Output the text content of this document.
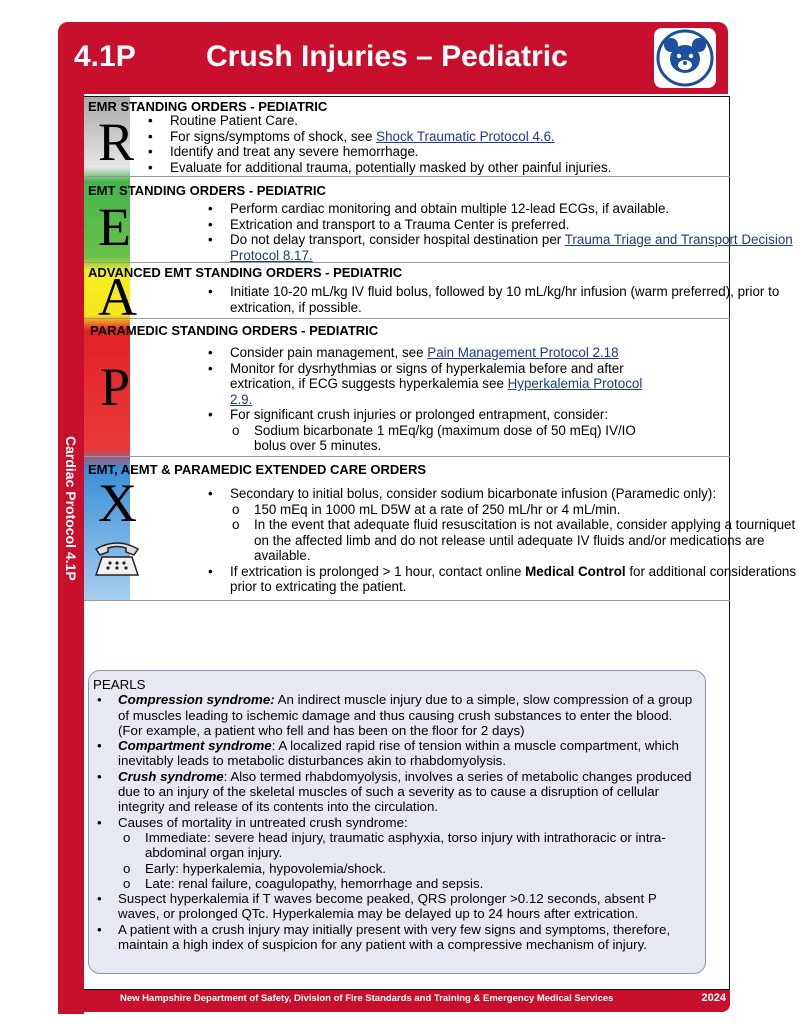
4.1P Crush Injuries – Pediatric
Cardiac Protocol 4.1P
New Hampshire Department of Safety, Division of Fire Standards and Training & Emergency Medical Services	2024
R
EMR STANDING ORDERS - PEDIATRIC
• Routine Patient Care.
• For signs/symptoms of shock, see Shock Traumatic Protocol 4.6.
• Identify and treat any severe hemorrhage.
• Evaluate for additional trauma, potentially masked by other painful injuries.
E
EMT STANDING ORDERS - PEDIATRIC
• Perform cardiac monitoring and obtain multiple 12-lead ECGs, if available.
• Extrication and transport to a Trauma Center is preferred.
• Do not delay transport, consider hospital destination per Trauma Triage and Transport Decision Protocol 8.17.
A
ADVANCED EMT STANDING ORDERS - PEDIATRIC
• Initiate 10-20 mL/kg IV fluid bolus, followed by 10 mL/kg/hr infusion (warm preferred), prior to extrication, if possible.
P
PARAMEDIC STANDING ORDERS - PEDIATRIC
• Consider pain management, see Pain Management Protocol 2.18
• Monitor for dysrhythmias or signs of hyperkalemia before and after extrication, if ECG suggests hyperkalemia see Hyperkalemia Protocol 2.9.
• For significant crush injuries or prolonged entrapment, consider:
o Sodium bicarbonate 1 mEq/kg (maximum dose of 50 mEq) IV/IO bolus over 5 minutes.
X
EMT, AEMT & PARAMEDIC EXTENDED CARE ORDERS
• Secondary to initial bolus, consider sodium bicarbonate infusion (Paramedic only):
o 150 mEq in 1000 mL D5W at a rate of 250 mL/hr or 4 mL/min.
o In the event that adequate fluid resuscitation is not available, consider applying a tourniquet on the affected limb and do not release until adequate IV fluids and/or medications are available.
• If extrication is prolonged > 1 hour, contact online Medical Control for additional considerations prior to extricating the patient.
PEARLS
• Compression syndrome: An indirect muscle injury due to a simple, slow compression of a group of muscles leading to ischemic damage and thus causing crush substances to enter the blood. (For example, a patient who fell and has been on the floor for 2 days)
• Compartment syndrome: A localized rapid rise of tension within a muscle compartment, which inevitably leads to metabolic disturbances akin to rhabdomyolysis.
• Crush syndrome: Also termed rhabdomyolysis, involves a series of metabolic changes produced due to an injury of the skeletal muscles of such a severity as to cause a disruption of cellular integrity and release of its contents into the circulation.
• Causes of mortality in untreated crush syndrome:
o Immediate: severe head injury, traumatic asphyxia, torso injury with intrathoracic or intra-abdominal organ injury.
o Early: hyperkalemia, hypovolemia/shock.
o Late: renal failure, coagulopathy, hemorrhage and sepsis.
• Suspect hyperkalemia if T waves become peaked, QRS prolonger >0.12 seconds, absent P waves, or prolonged QTc. Hyperkalemia may be delayed up to 24 hours after extrication.
• A patient with a crush injury may initially present with very few signs and symptoms, therefore, maintain a high index of suspicion for any patient with a compressive mechanism of injury.
